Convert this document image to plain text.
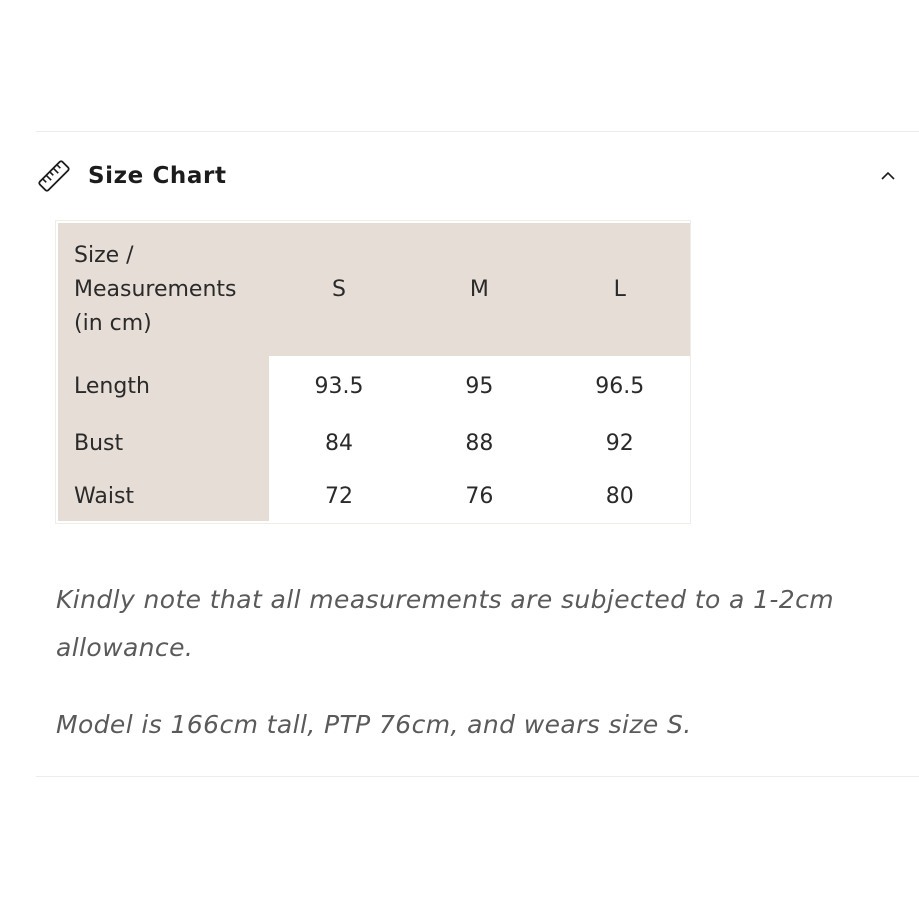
Size Chart
Size /
Measurements
(in cm)	S	M	L
Length	93.5	95	96.5
Bust	84	88	92
Waist	72	76	80

Kindly note that all measurements are subjected to a 1-2cm allowance.

Model is 166cm tall, PTP 76cm, and wears size S.
